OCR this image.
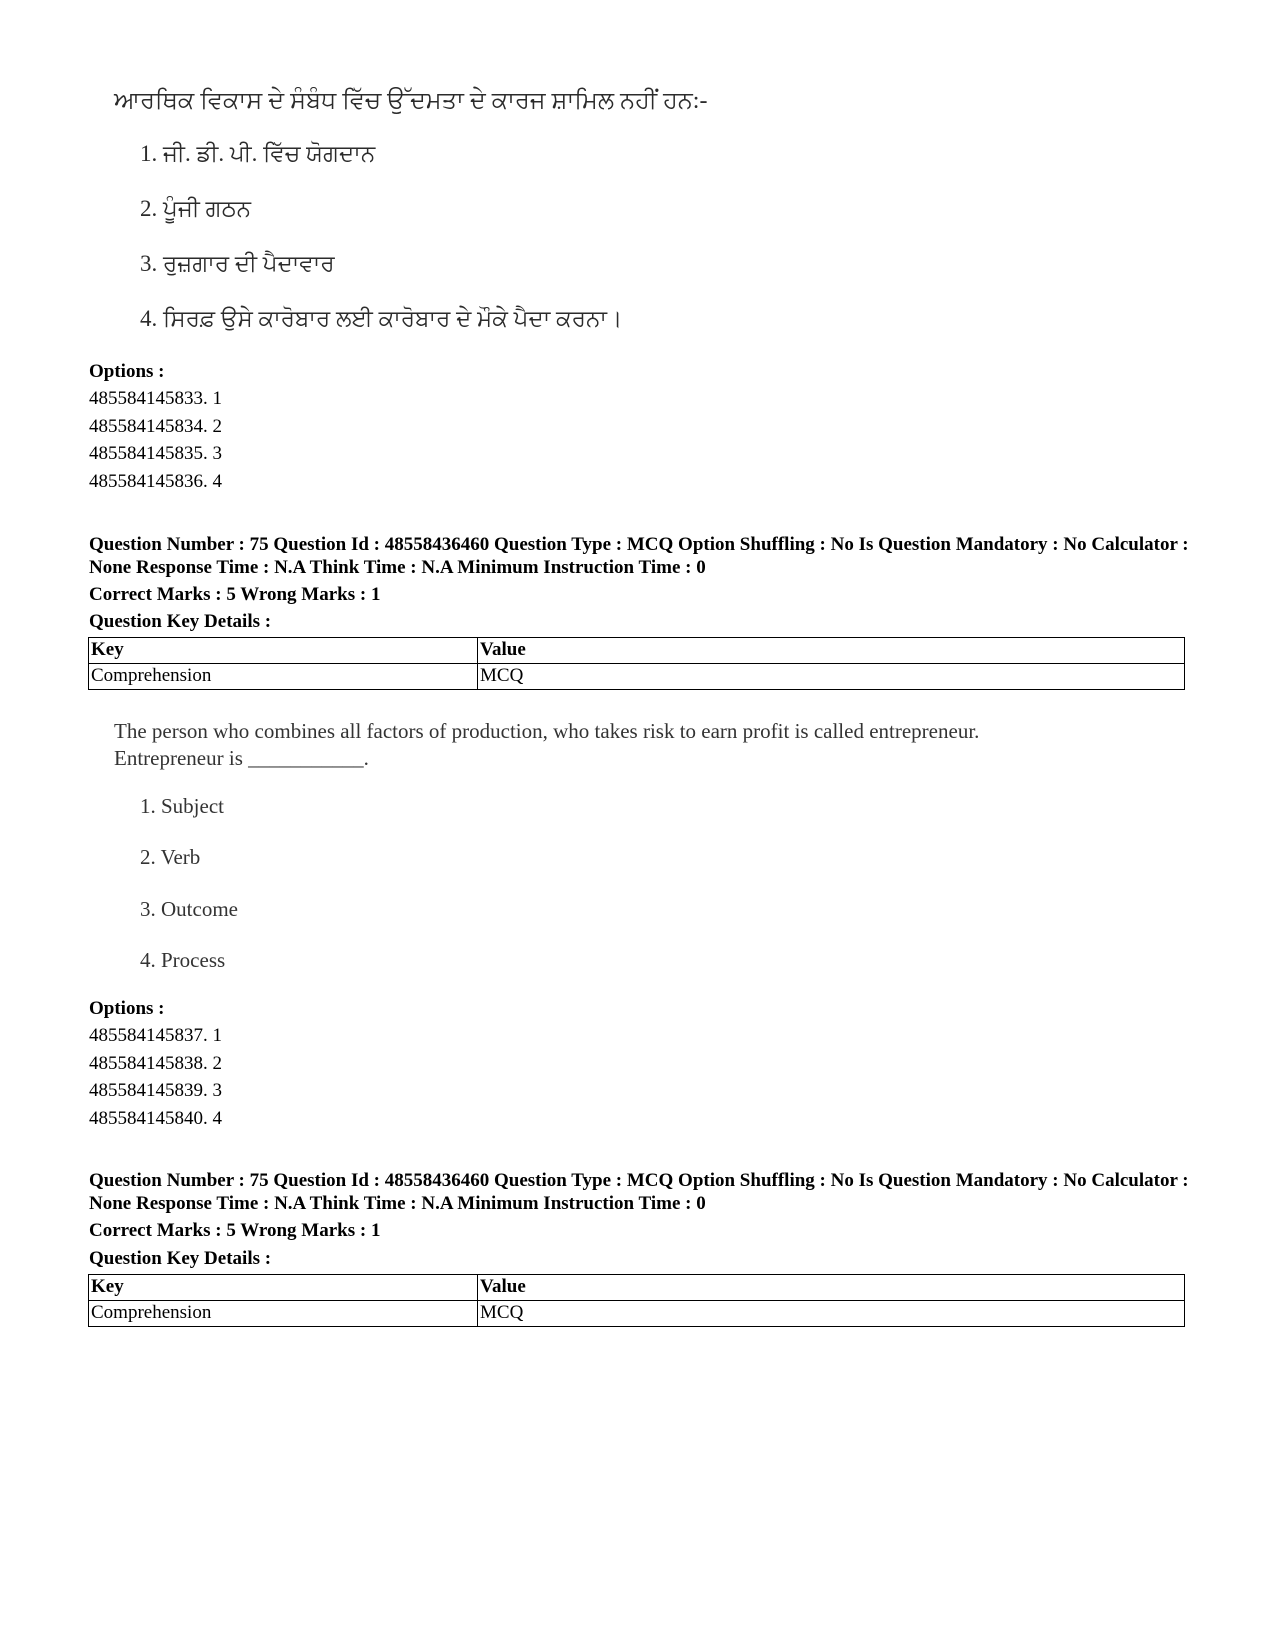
ਆਰਥਿਕ ਵਿਕਾਸ ਦੇ ਸੰਬੰਧ ਵਿੱਚ ਉੱਦਮਤਾ ਦੇ ਕਾਰਜ ਸ਼ਾਮਿਲ ਨਹੀਂ ਹਨ:-
1. ਜੀ. ਡੀ. ਪੀ. ਵਿੱਚ ਯੋਗਦਾਨ
2. ਪੂੰਜੀ ਗਠਨ
3. ਰੁਜ਼ਗਾਰ ਦੀ ਪੈਦਾਵਾਰ
4. ਸਿਰਫ਼ ਉਸੇ ਕਾਰੋਬਾਰ ਲਈ ਕਾਰੋਬਾਰ ਦੇ ਮੌਕੇ ਪੈਦਾ ਕਰਨਾ।
Options :
485584145833. 1
485584145834. 2
485584145835. 3
485584145836. 4
Question Number : 75 Question Id : 48558436460 Question Type : MCQ Option Shuffling : No Is Question Mandatory : No Calculator : None Response Time : N.A Think Time : N.A Minimum Instruction Time : 0
Correct Marks : 5 Wrong Marks : 1
Question Key Details :
Key	Value
Comprehension	MCQ
The person who combines all factors of production, who takes risk to earn profit is called entrepreneur.
Entrepreneur is ___________.
1. Subject
2. Verb
3. Outcome
4. Process
Options :
485584145837. 1
485584145838. 2
485584145839. 3
485584145840. 4
Question Number : 75 Question Id : 48558436460 Question Type : MCQ Option Shuffling : No Is Question Mandatory : No Calculator : None Response Time : N.A Think Time : N.A Minimum Instruction Time : 0
Correct Marks : 5 Wrong Marks : 1
Question Key Details :
Key	Value
Comprehension	MCQ
